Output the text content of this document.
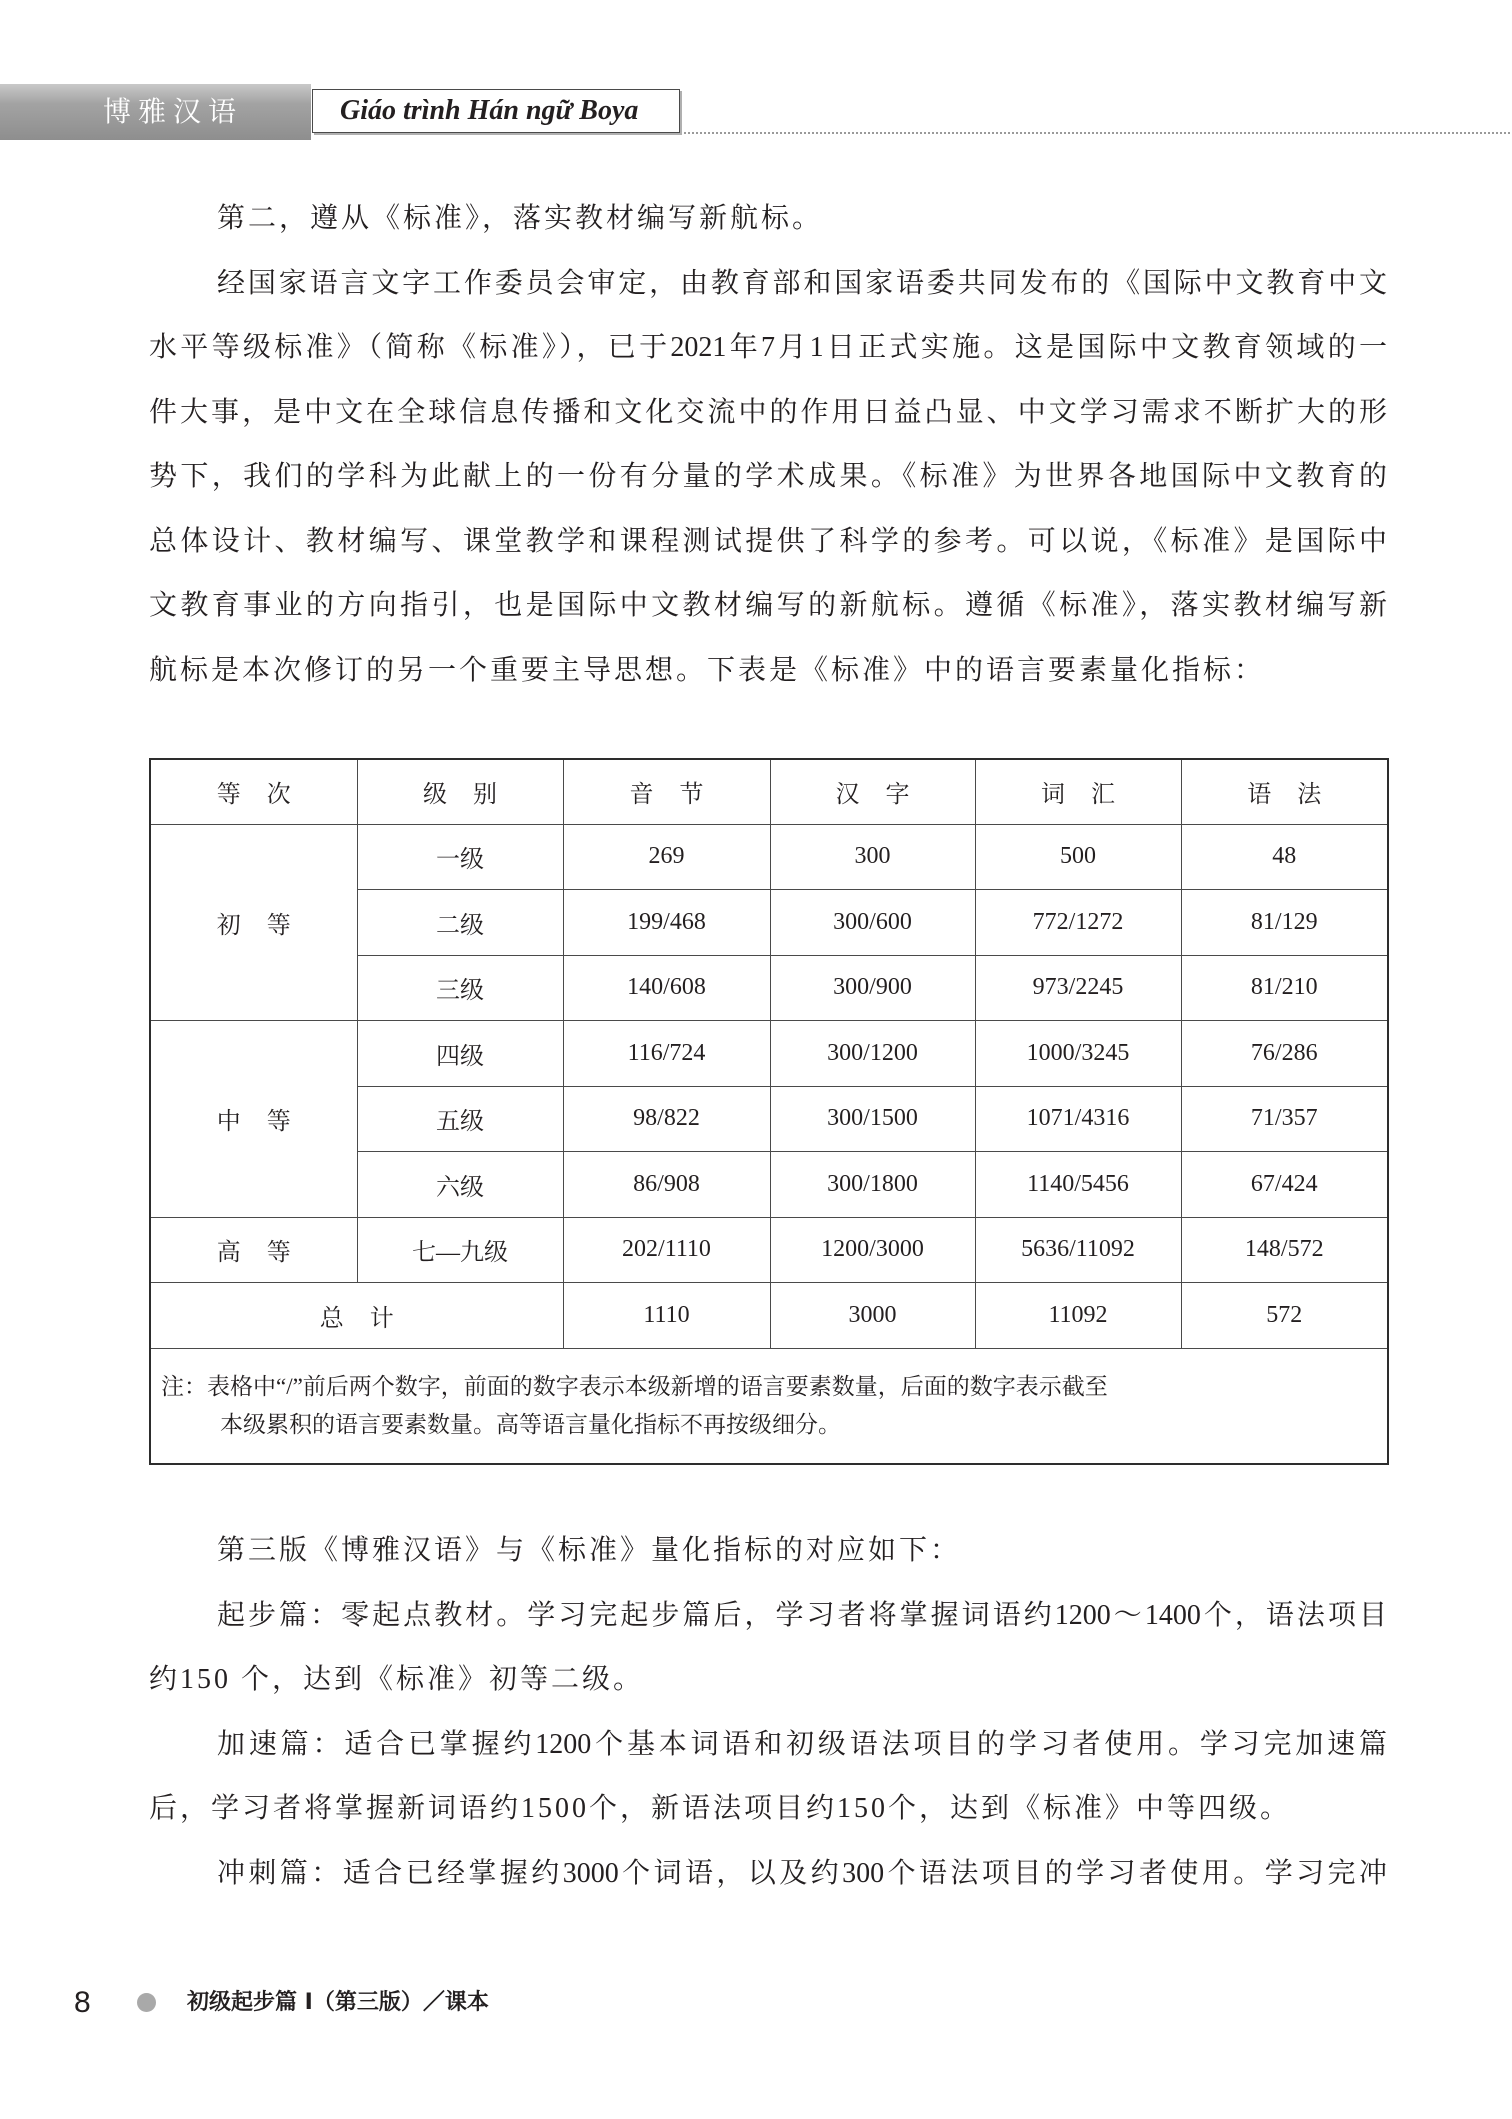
博雅汉语	Giáo trình Hán ngữ Boya
第二，遵从《标准》，落实教材编写新航标。
经国家语言文字工作委员会审定，由教育部和国家语委共同发布的《国际中文教育中文
水平等级标准》（简称《标准》），已于2021年7月1日正式实施。这是国际中文教育领域的一
件大事，是中文在全球信息传播和文化交流中的作用日益凸显、中文学习需求不断扩大的形
势下，我们的学科为此献上的一份有分量的学术成果。《标准》为世界各地国际中文教育的
总体设计、教材编写、课堂教学和课程测试提供了科学的参考。可以说，《标准》是国际中
文教育事业的方向指引，也是国际中文教材编写的新航标。遵循《标准》，落实教材编写新
航标是本次修订的另一个重要主导思想。下表是《标准》中的语言要素量化指标：
等 次	级 别	音 节	汉 字	词 汇	语 法
初 等	一级	269	300	500	48
	二级	199/468	300/600	772/1272	81/129
	三级	140/608	300/900	973/2245	81/210
中 等	四级	116/724	300/1200	1000/3245	76/286
	五级	98/822	300/1500	1071/4316	71/357
	六级	86/908	300/1800	1140/5456	67/424
高 等	七—九级	202/1110	1200/3000	5636/11092	148/572
总 计		1110	3000	11092	572

注：表格中“/”前后两个数字，前面的数字表示本级新增的语言要素数量，后面的数字表示截至
本级累积的语言要素数量。高等语言量化指标不再按级细分。					
第三版《博雅汉语》与《标准》量化指标的对应如下：
起步篇：零起点教材。学习完起步篇后，学习者将掌握词语约1200～1400个，语法项目
约150 个，达到《标准》初等二级。
加速篇：适合已掌握约1200个基本词语和初级语法项目的学习者使用。学习完加速篇
后，学习者将掌握新词语约1500个，新语法项目约150个，达到《标准》中等四级。
冲刺篇：适合已经掌握约3000个词语，以及约300个语法项目的学习者使用。学习完冲
8	初级起步篇 I（第三版）／课本
